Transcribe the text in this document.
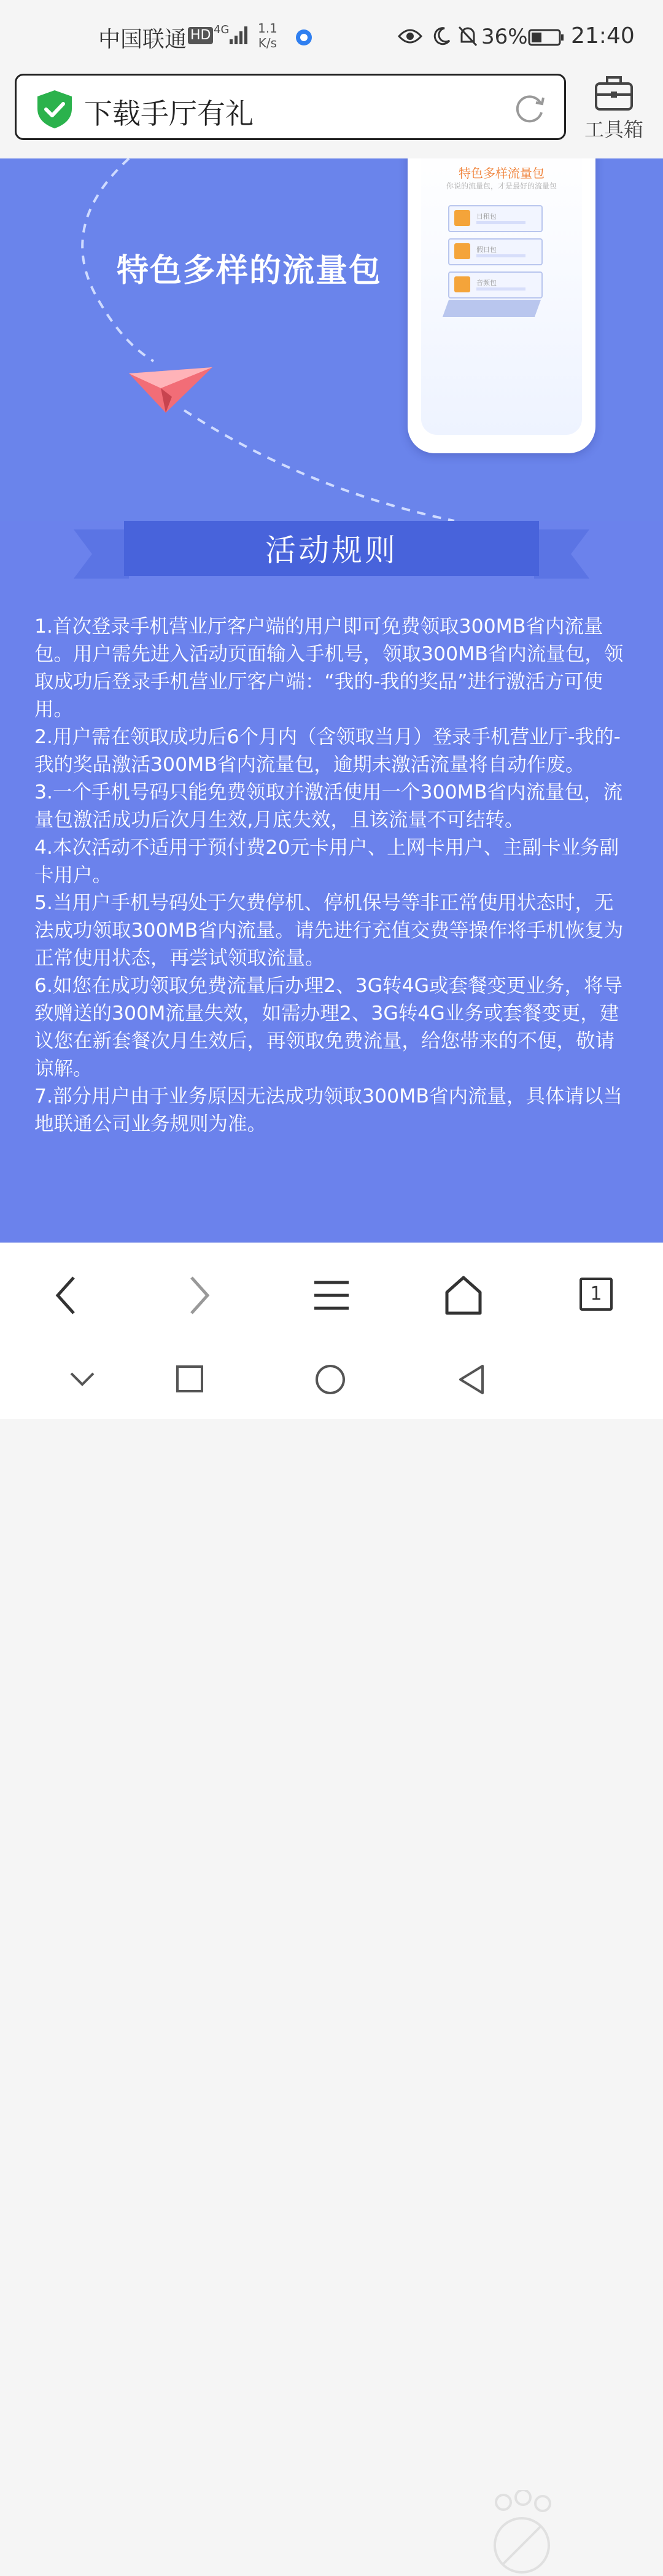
中国联通 HD 4G 1.1
K/s	36% 21:40
下载手厅有礼	工具箱
特色多样的流量包
特色多样流量包
你说的流量包，才是最好的流量包
日租包
假日包
音频包
活动规则

1.首次登录手机营业厅客户端的用户即可免费领取300MB省内流量包。用户需先进入活动页面输入手机号，领取300MB省内流量包，领取成功后登录手机营业厅客户端：“我的-我的奖品”进行激活方可使用。

2.用户需在领取成功后6个月内（含领取当月）登录手机营业厅-我的-我的奖品激活300MB省内流量包，逾期未激活流量将自动作废。

3.一个手机号码只能免费领取并激活使用一个300MB省内流量包，流量包激活成功后次月生效,月底失效，且该流量不可结转。

4.本次活动不适用于预付费20元卡用户、上网卡用户、主副卡业务副卡用户。

5.当用户手机号码处于欠费停机、停机保号等非正常使用状态时，无法成功领取300MB省内流量。请先进行充值交费等操作将手机恢复为正常使用状态，再尝试领取流量。

6.如您在成功领取免费流量后办理2、3G转4G或套餐变更业务，将导致赠送的300M流量失效，如需办理2、3G转4G业务或套餐变更，建议您在新套餐次月生效后，再领取免费流量，给您带来的不便，敬请谅解。

7.部分用户由于业务原因无法成功领取300MB省内流量，具体请以当地联通公司业务规则为准。

1
